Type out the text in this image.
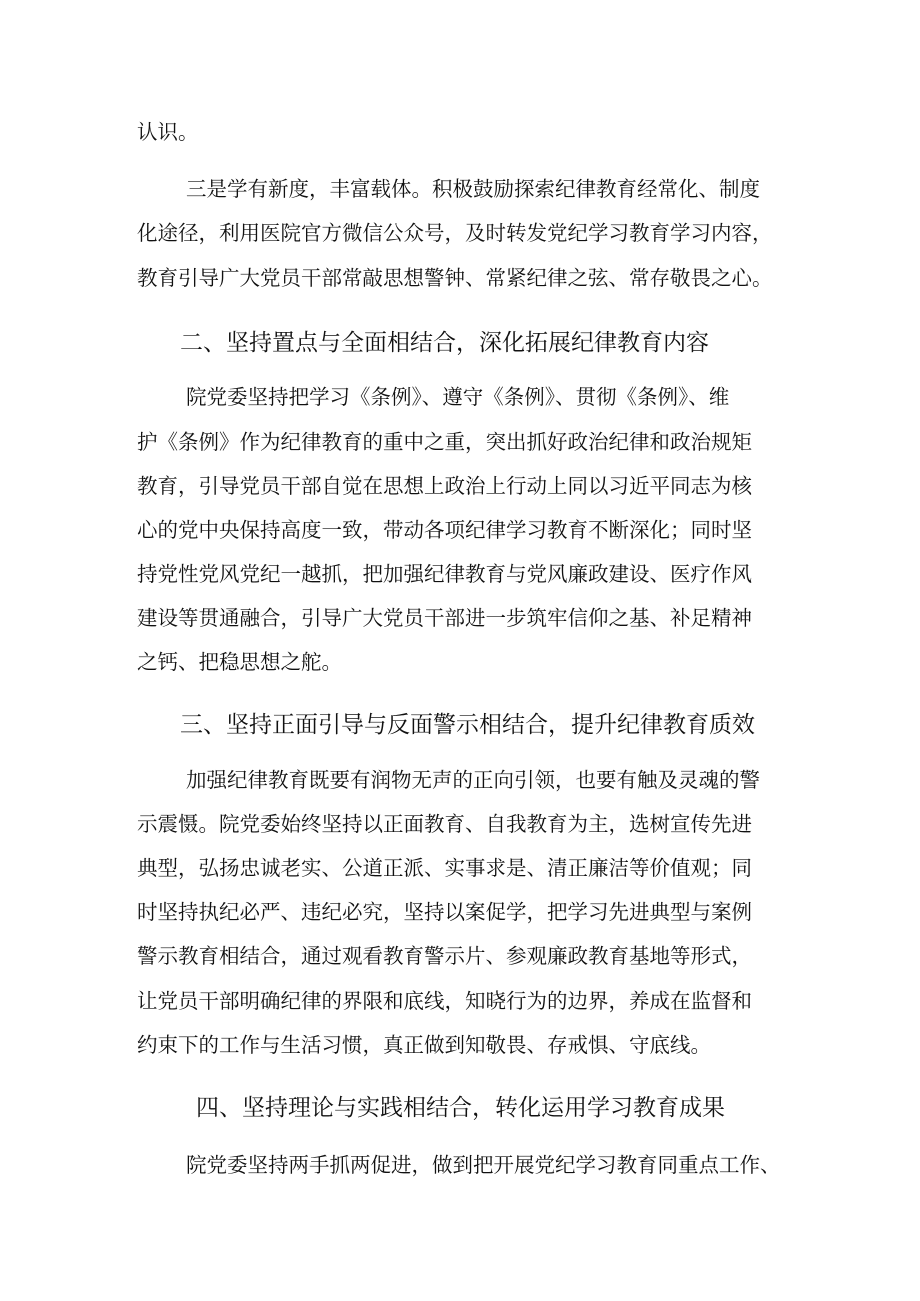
认识。

三是学有新度，丰富载体。积极鼓励探索纪律教育经常化、制度

化途径，利用医院官方微信公众号，及时转发党纪学习教育学习内容，

教育引导广大党员干部常敲思想警钟、常紧纪律之弦、常存敬畏之心。

二、坚持置点与全面相结合，深化拓展纪律教育内容

院党委坚持把学习《条例》、遵守《条例》、贯彻《条例》、维

护《条例》作为纪律教育的重中之重，突出抓好政治纪律和政治规矩

教育，引导党员干部自觉在思想上政治上行动上同以习近平同志为核

心的党中央保持高度一致，带动各项纪律学习教育不断深化；同时坚

持党性党风党纪一越抓，把加强纪律教育与党风廉政建设、医疗作风

建设等贯通融合，引导广大党员干部进一步筑牢信仰之基、补足精神

之钙、把稳思想之舵。

三、坚持正面引导与反面警示相结合，提升纪律教育质效

加强纪律教育既要有润物无声的正向引领，也要有触及灵魂的警

示震慑。院党委始终坚持以正面教育、自我教育为主，选树宣传先进

典型，弘扬忠诚老实、公道正派、实事求是、清正廉洁等价值观；同

时坚持执纪必严、违纪必究，坚持以案促学，把学习先进典型与案例

警示教育相结合，通过观看教育警示片、参观廉政教育基地等形式，

让党员干部明确纪律的界限和底线，知晓行为的边界，养成在监督和

约束下的工作与生活习惯，真正做到知敬畏、存戒惧、守底线。

四、坚持理论与实践相结合，转化运用学习教育成果

院党委坚持两手抓两促进，做到把开展党纪学习教育同重点工作、
